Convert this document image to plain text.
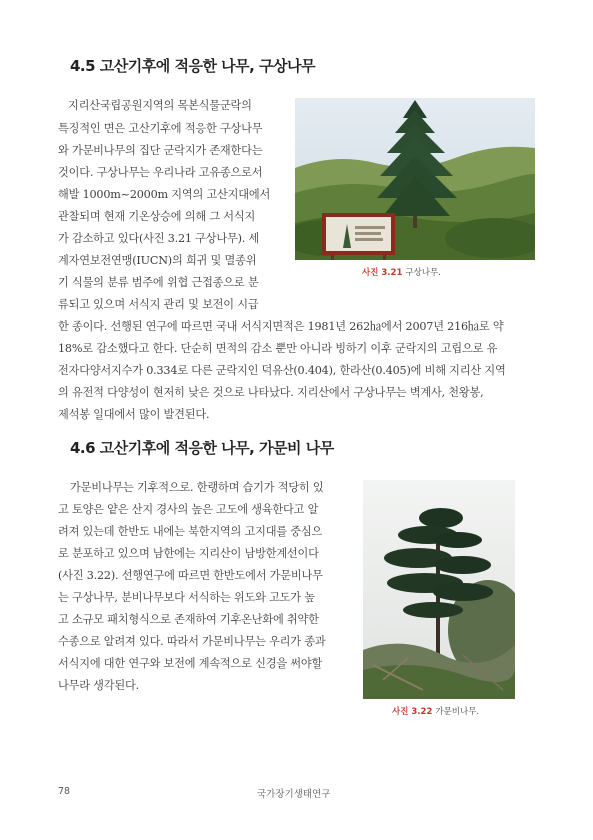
4.5 고산기후에 적응한 나무, 구상나무
지리산국립공원지역의 목본식물군락의
특징적인 면은 고산기후에 적응한 구상나무
와 가문비나무의 집단 군락지가 존재한다는
것이다. 구상나무는 우리나라 고유종으로서
해발 1000m~2000m 지역의 고산지대에서
관찰되며 현재 기온상승에 의해 그 서식지
가 감소하고 있다(사진 3.21 구상나무). 세
계자연보전연맹(IUCN)의 희귀 및 멸종위
기 식물의 분류 범주에 위협 근접종으로 분
류되고 있으며 서식지 관리 및 보전이 시급
한 종이다. 선행된 연구에 따르면 국내 서식지면적은 1981년 262㏊에서 2007년 216㏊로 약
18%로 감소했다고 한다. 단순히 면적의 감소 뿐만 아니라 빙하기 이후 군락지의 고립으로 유
전자다양서지수가 0.334로 다른 군락지인 덕유산(0.404), 한라산(0.405)에 비해 지리산 지역
의 유전적 다양성이 현저히 낮은 것으로 나타났다. 지리산에서 구상나무는 벽계사, 천왕봉,
제석봉 일대에서 많이 발견된다.
사진 3.21 구상나무.
4.6 고산기후에 적응한 나무, 가문비 나무
가문비나무는 기후적으로. 한랭하며 습기가 적당히 있
고 토양은 얕은 산지 경사의 높은 고도에 생육한다고 알
려져 있는데 한반도 내에는 북한지역의 고지대를 중심으
로 분포하고 있으며 남한에는 지리산이 남방한계선이다
(사진 3.22). 선행연구에 따르면 한반도에서 가문비나무
는 구상나무, 분비나무보다 서식하는 위도와 고도가 높
고 소규모 패치형식으로 존재하여 기후온난화에 취약한
수종으로 알려져 있다. 따라서 가문비나무는 우리가 종과
서식지에 대한 연구와 보전에 계속적으로 신경을 써야할
나무라 생각된다.
사진 3.22 가문비나무.
78	국가장기생태연구
